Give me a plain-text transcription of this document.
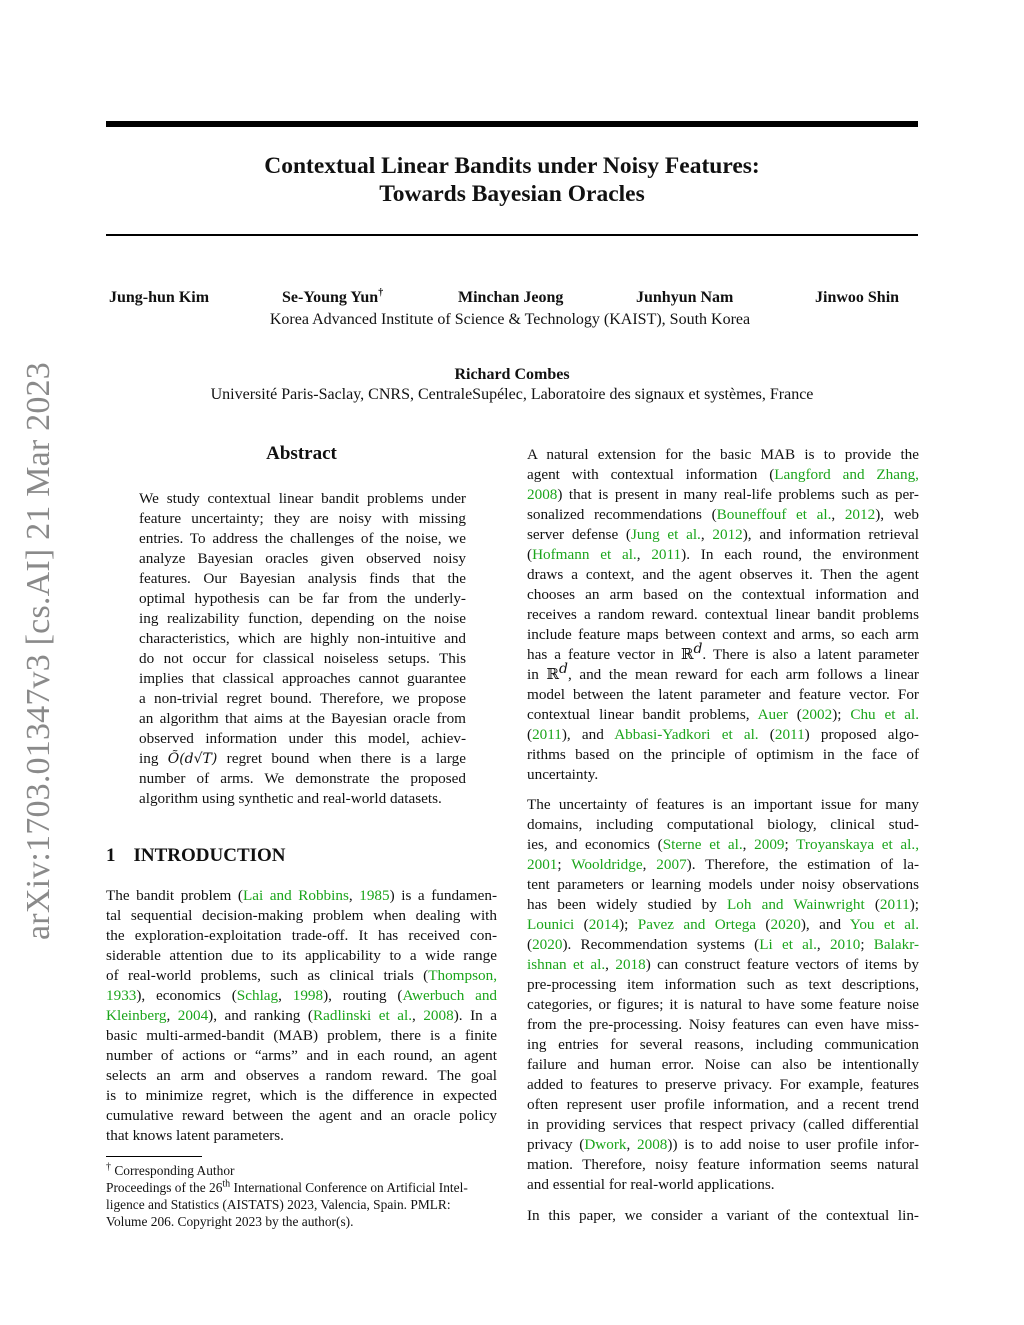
arXiv:1703.01347v3 [cs.AI] 21 Mar 2023
Contextual Linear Bandits under Noisy Features:
Towards Bayesian Oracles
Jung-hun Kim	Se-Young Yun†	Minchan Jeong	Junhyun Nam	Jinwoo Shin
Korea Advanced Institute of Science & Technology (KAIST), South Korea
Richard Combes
Université Paris-Saclay, CNRS, CentraleSupélec, Laboratoire des signaux et systèmes, France
Abstract
We study contextual linear bandit problems under
feature uncertainty; they are noisy with missing
entries. To address the challenges of the noise, we
analyze Bayesian oracles given observed noisy
features. Our Bayesian analysis finds that the
optimal hypothesis can be far from the underly-
ing realizability function, depending on the noise
characteristics, which are highly non-intuitive and
do not occur for classical noiseless setups. This
implies that classical approaches cannot guarantee
a non-trivial regret bound. Therefore, we propose
an algorithm that aims at the Bayesian oracle from
observed information under this model, achiev-
ing Õ(d√T) regret bound when there is a large
number of arms. We demonstrate the proposed
algorithm using synthetic and real-world datasets.
1 INTRODUCTION
The bandit problem (Lai and Robbins, 1985) is a fundamen-
tal sequential decision-making problem when dealing with
the exploration-exploitation trade-off. It has received con-
siderable attention due to its applicability to a wide range
of real-world problems, such as clinical trials (Thompson,
1933), economics (Schlag, 1998), routing (Awerbuch and
Kleinberg, 2004), and ranking (Radlinski et al., 2008). In a
basic multi-armed-bandit (MAB) problem, there is a finite
number of actions or “arms” and in each round, an agent
selects an arm and observes a random reward. The goal
is to minimize regret, which is the difference in expected
cumulative reward between the agent and an oracle policy
that knows latent parameters.
† Corresponding Author
Proceedings of the 26th International Conference on Artificial Intel-
ligence and Statistics (AISTATS) 2023, Valencia, Spain. PMLR:
Volume 206. Copyright 2023 by the author(s).
A natural extension for the basic MAB is to provide the
agent with contextual information (Langford and Zhang,
2008) that is present in many real-life problems such as per-
sonalized recommendations (Bouneffouf et al., 2012), web
server defense (Jung et al., 2012), and information retrieval
(Hofmann et al., 2011). In each round, the environment
draws a context, and the agent observes it. Then the agent
chooses an arm based on the contextual information and
receives a random reward. contextual linear bandit problems
include feature maps between context and arms, so each arm
has a feature vector in ℝ$^d$. There is also a latent parameter
in ℝ$^d$, and the mean reward for each arm follows a linear
model between the latent parameter and feature vector. For
contextual linear bandit problems, Auer (2002); Chu et al.
(2011), and Abbasi-Yadkori et al. (2011) proposed algo-
rithms based on the principle of optimism in the face of
uncertainty.
The uncertainty of features is an important issue for many
domains, including computational biology, clinical stud-
ies, and economics (Sterne et al., 2009; Troyanskaya et al.,
2001; Wooldridge, 2007). Therefore, the estimation of la-
tent parameters or learning models under noisy observations
has been widely studied by Loh and Wainwright (2011);
Lounici (2014); Pavez and Ortega (2020), and You et al.
(2020). Recommendation systems (Li et al., 2010; Balakr-
ishnan et al., 2018) can construct feature vectors of items by
pre-processing item information such as text descriptions,
categories, or figures; it is natural to have some feature noise
from the pre-processing. Noisy features can even have miss-
ing entries for several reasons, including communication
failure and human error. Noise can also be intentionally
added to features to preserve privacy. For example, features
often represent user profile information, and a recent trend
in providing services that respect privacy (called differential
privacy (Dwork, 2008)) is to add noise to user profile infor-
mation. Therefore, noisy feature information seems natural
and essential for real-world applications.
In this paper, we consider a variant of the contextual lin-
